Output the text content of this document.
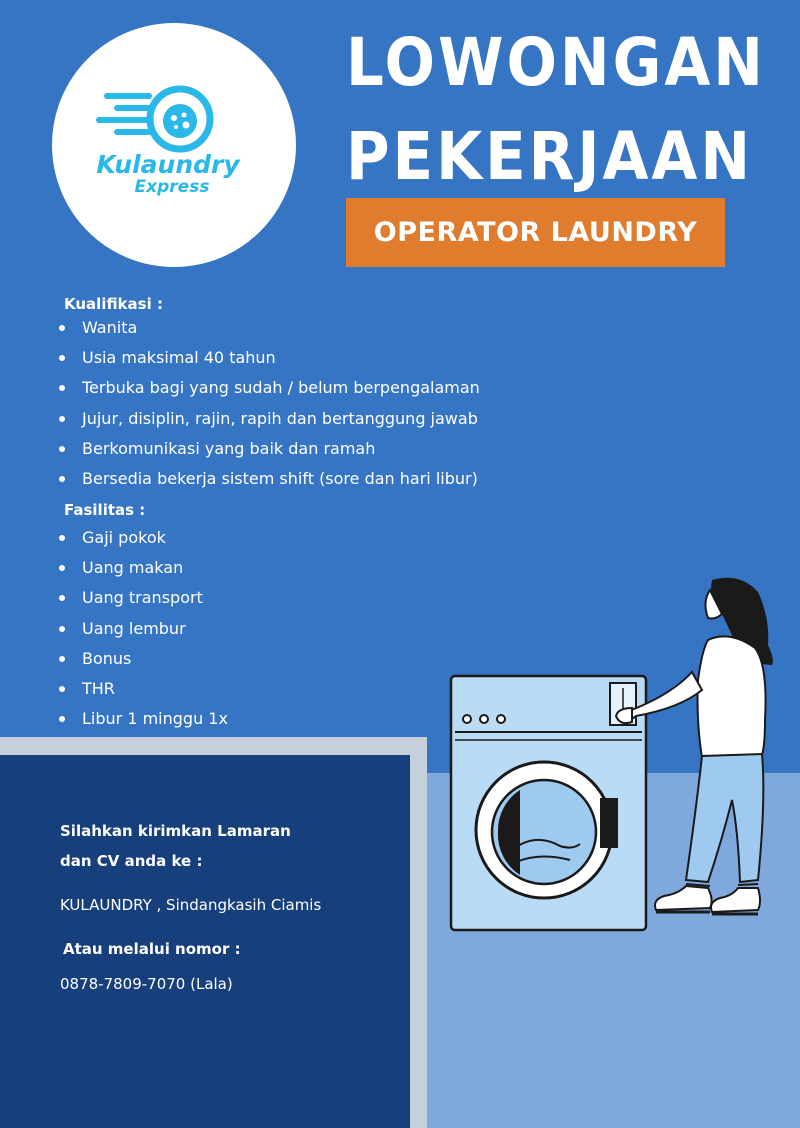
Kulaundry
Express
LOWONGAN
PEKERJAAN
OPERATOR LAUNDRY
Kualifikasi :
Wanita
Usia maksimal 40 tahun
Terbuka bagi yang sudah / belum berpengalaman
Jujur, disiplin, rajin, rapih dan bertanggung jawab
Berkomunikasi yang baik dan ramah
Bersedia bekerja sistem shift (sore dan hari libur)
Fasilitas :
Gaji pokok
Uang makan
Uang transport
Uang lembur
Bonus
THR
Libur 1 minggu 1x
Silahkan kirimkan Lamaran
dan CV anda ke :
KULAUNDRY , Sindangkasih Ciamis
Atau melalui nomor :
0878-7809-7070 (Lala)
